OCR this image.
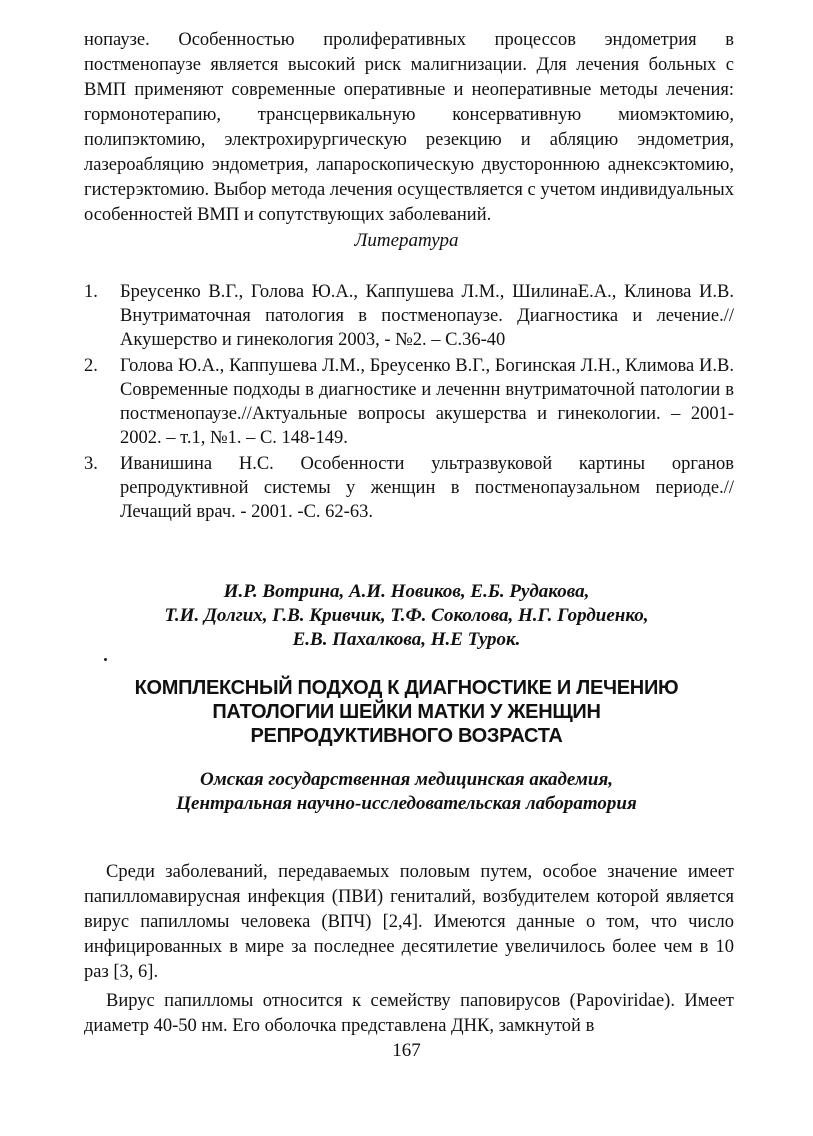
нопаузе. Особенностью пролиферативных процессов эндометрия в постменопаузе является высокий риск малигнизации. Для лечения больных с ВМП применяют современные оперативные и неоперативные методы лечения: гормонотерапию, трансцервикальную консервативную миомэктомию, полипэктомию, электрохирургическую резекцию и абляцию эндометрия, лазероабляцию эндометрия, лапароскопическую двустороннюю аднексэктомию, гистерэктомию. Выбор метода лечения осуществляется с учетом индивидуальных особенностей ВМП и сопутствующих заболеваний.

Литература
1.	Бреусенко В.Г., Голова Ю.А., Каппушева Л.М., ШилинаЕ.А., Клинова И.В. Внутриматочная патология в постменопаузе. Диагностика и лечение.// Акушерство и гинекология 2003, - №2. – С.36-40
2.	Голова Ю.А., Каппушева Л.М., Бреусенко В.Г., Богинская Л.Н., Климова И.В. Современные подходы в диагностике и леченнн внутриматочной патологии в постменопаузе.//Актуальные вопросы акушерства и гинекологии. – 2001-2002. – т.1, №1. – С. 148-149.
3.	Иванишина Н.С. Особенности ультразвуковой картины органов репродуктивной системы у женщин в постменопаузальном периоде.// Лечащий врач. - 2001. -С. 62-63.
И.Р. Вотрина, А.И. Новиков, Е.Б. Рудакова,
Т.И. Долгих, Г.В. Кривчик, Т.Ф. Соколова, Н.Г. Гордиенко,
Е.В. Пахалкова, Н.Е Турок.
КОМПЛЕКСНЫЙ ПОДХОД К ДИАГНОСТИКЕ И ЛЕЧЕНИЮ
ПАТОЛОГИИ ШЕЙКИ МАТКИ У ЖЕНЩИН
РЕПРОДУКТИВНОГО ВОЗРАСТА
Омская государственная медицинская академия,
Центральная научно-исследовательская лаборатория

Среди заболеваний, передаваемых половым путем, особое значение имеет папилломавирусная инфекция (ПВИ) гениталий, возбудителем которой является вирус папилломы человека (ВПЧ) [2,4]. Имеются данные о том, что число инфицированных в мире за последнее десятилетие увеличилось более чем в 10 раз [3, 6].

Вирус папилломы относится к семейству паповирусов (Papoviridae). Имеет диаметр 40-50 нм. Его оболочка представлена ДНК, замкнутой в

167
